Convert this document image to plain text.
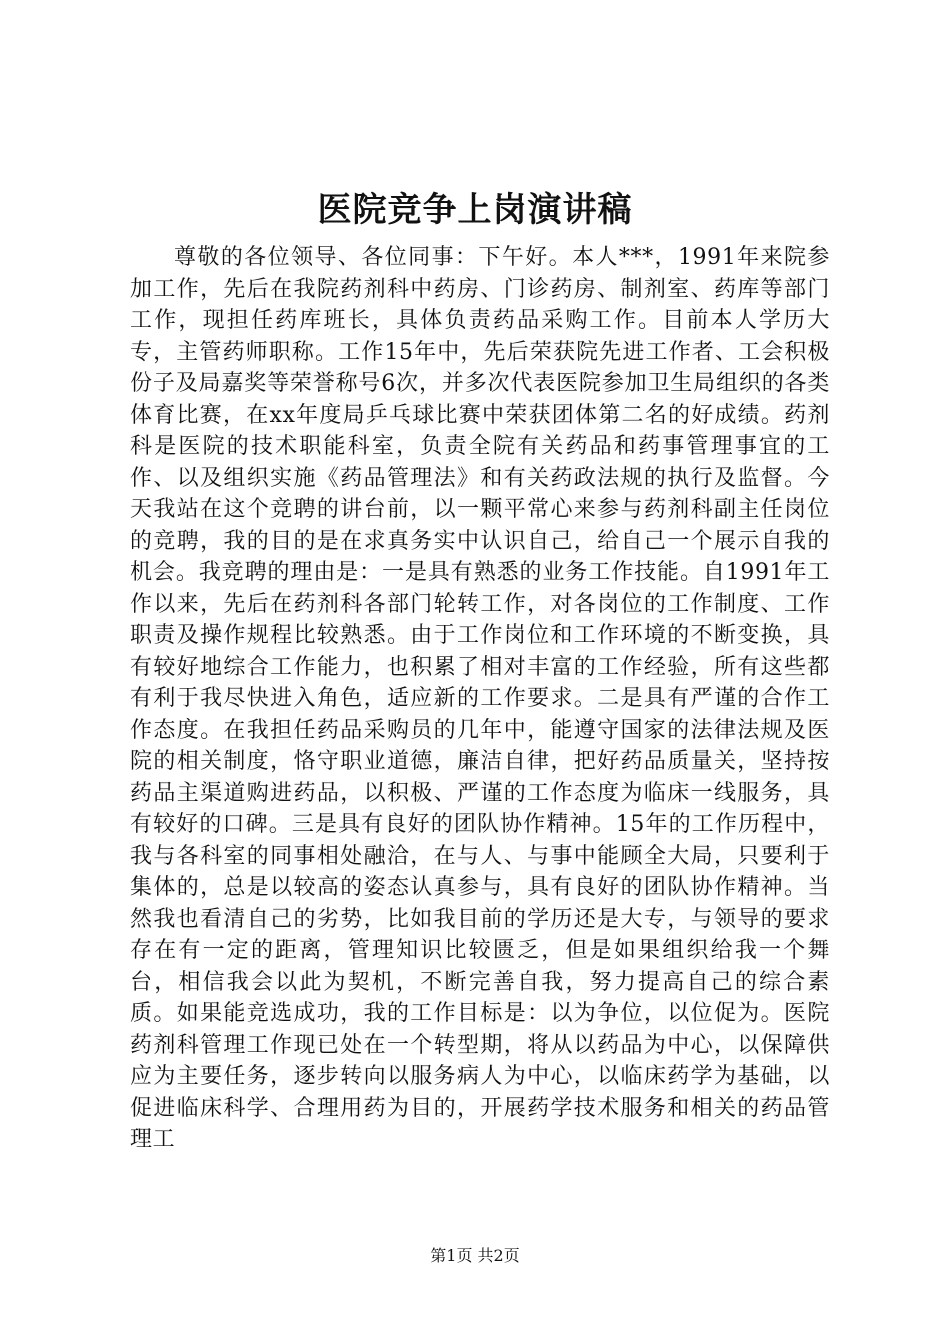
医院竞争上岗演讲稿

尊敬的各位领导、各位同事：下午好。本人***，1991年来院参加工作，先后在我院药剂科中药房、门诊药房、制剂室、药库等部门工作，现担任药库班长，具体负责药品采购工作。目前本人学历大专，主管药师职称。工作15年中，先后荣获院先进工作者、工会积极份子及局嘉奖等荣誉称号6次，并多次代表医院参加卫生局组织的各类体育比赛，在xx年度局乒乓球比赛中荣获团体第二名的好成绩。药剂科是医院的技术职能科室，负责全院有关药品和药事管理事宜的工作、以及组织实施《药品管理法》和有关药政法规的执行及监督。今天我站在这个竞聘的讲台前，以一颗平常心来参与药剂科副主任岗位的竞聘，我的目的是在求真务实中认识自己，给自己一个展示自我的机会。我竞聘的理由是：一是具有熟悉的业务工作技能。自1991年工作以来，先后在药剂科各部门轮转工作，对各岗位的工作制度、工作职责及操作规程比较熟悉。由于工作岗位和工作环境的不断变换，具有较好地综合工作能力，也积累了相对丰富的工作经验，所有这些都有利于我尽快进入角色，适应新的工作要求。二是具有严谨的合作工作态度。在我担任药品采购员的几年中，能遵守国家的法律法规及医院的相关制度，恪守职业道德，廉洁自律，把好药品质量关，坚持按药品主渠道购进药品，以积极、严谨的工作态度为临床一线服务，具有较好的口碑。三是具有良好的团队协作精神。15年的工作历程中，我与各科室的同事相处融洽，在与人、与事中能顾全大局，只要利于集体的，总是以较高的姿态认真参与，具有良好的团队协作精神。当然我也看清自己的劣势，比如我目前的学历还是大专，与领导的要求存在有一定的距离，管理知识比较匮乏，但是如果组织给我一个舞台，相信我会以此为契机，不断完善自我，努力提高自己的综合素质。如果能竞选成功，我的工作目标是：以为争位，以位促为。医院药剂科管理工作现已处在一个转型期，将从以药品为中心，以保障供应为主要任务，逐步转向以服务病人为中心，以临床药学为基础，以促进临床科学、合理用药为目的，开展药学技术服务和相关的药品管理工

第1页 共2页
